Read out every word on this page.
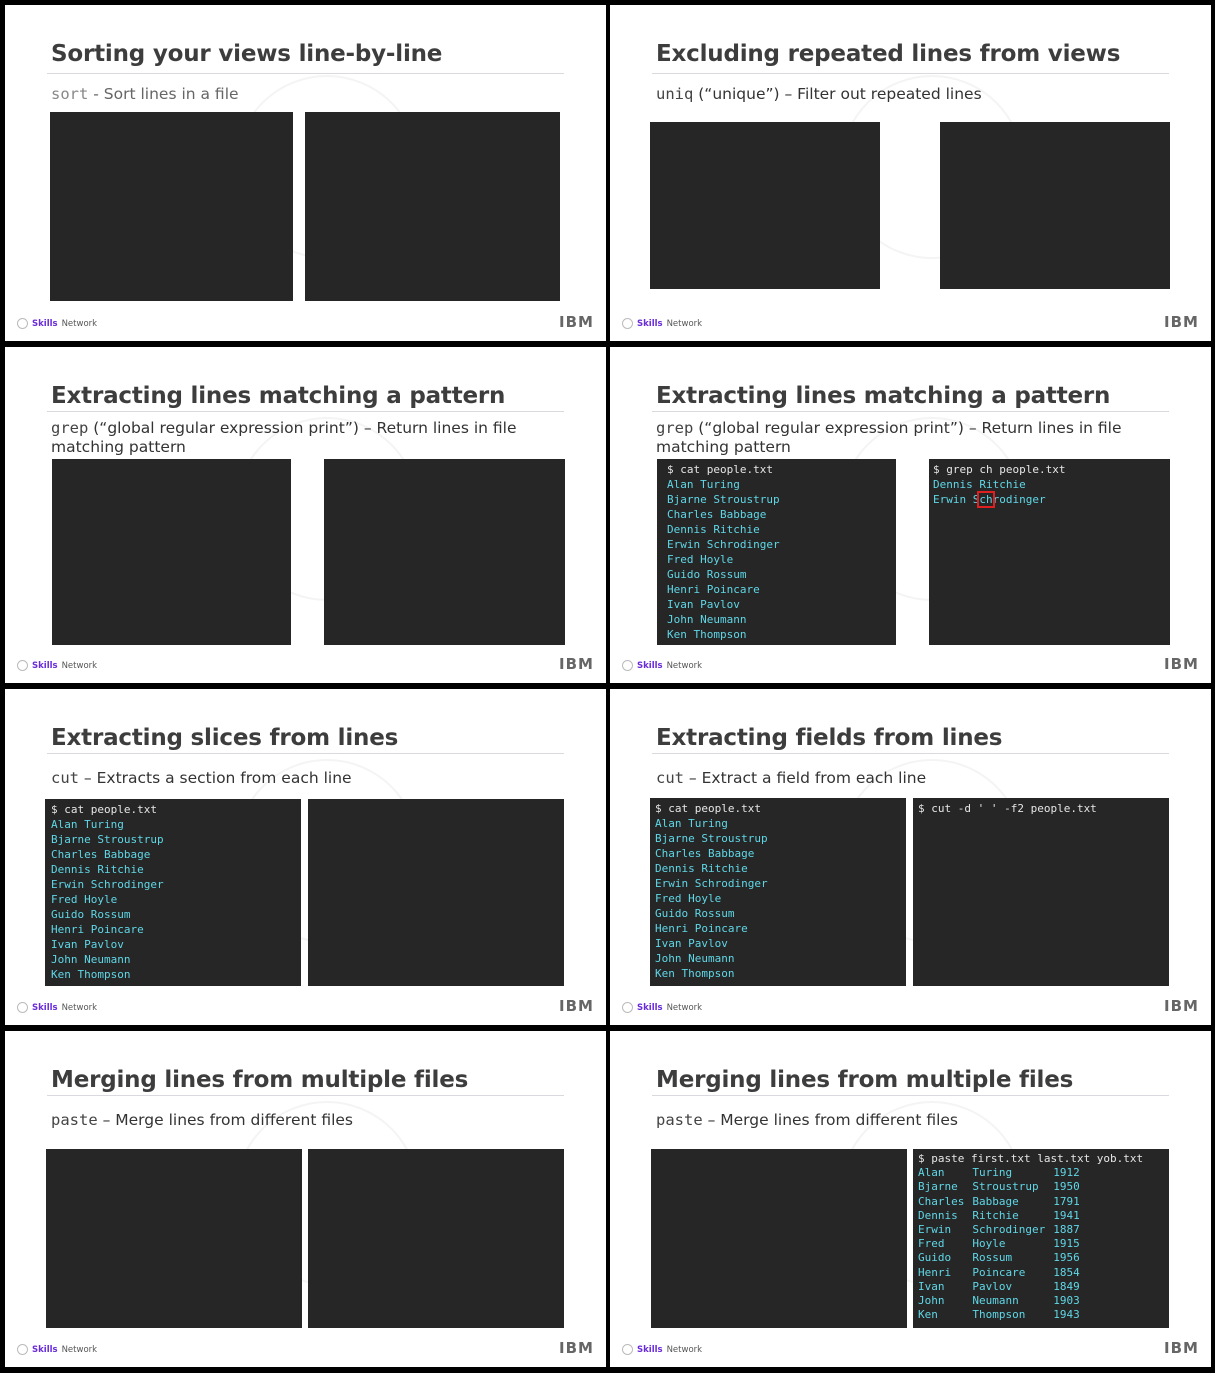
Sorting your views line-by-line
sort - Sort lines in a file
Skills Network	IBM
Excluding repeated lines from views
uniq (“unique”) – Filter out repeated lines
Skills Network	IBM
Extracting lines matching a pattern
grep (“global regular expression print”) – Return lines in file matching pattern
Skills Network	IBM
Extracting lines matching a pattern
grep (“global regular expression print”) – Return lines in file matching pattern
$ cat people.txt
Alan Turing
Bjarne Stroustrup
Charles Babbage
Dennis Ritchie
Erwin Schrodinger
Fred Hoyle
Guido Rossum
Henri Poincare
Ivan Pavlov
John Neumann
Ken Thompson
$ grep ch people.txt
Dennis Ritchie
Erwin Schrodinger
Skills Network	IBM
Extracting slices from lines
cut – Extracts a section from each line
$ cat people.txt
Alan Turing
Bjarne Stroustrup
Charles Babbage
Dennis Ritchie
Erwin Schrodinger
Fred Hoyle
Guido Rossum
Henri Poincare
Ivan Pavlov
John Neumann
Ken Thompson
Skills Network	IBM
Extracting fields from lines
cut – Extract a field from each line
$ cat people.txt
Alan Turing
Bjarne Stroustrup
Charles Babbage
Dennis Ritchie
Erwin Schrodinger
Fred Hoyle
Guido Rossum
Henri Poincare
Ivan Pavlov
John Neumann
Ken Thompson
$ cut -d ' ' -f2 people.txt
Skills Network	IBM
Merging lines from multiple files
paste – Merge lines from different files
Skills Network	IBM
Merging lines from multiple files
paste – Merge lines from different files
$ paste first.txt last.txt yob.txt
Alan	Turing	1912
Bjarne	Stroustrup	1950
Charles	Babbage	1791
Dennis	Ritchie	1941
Erwin	Schrodinger	1887
Fred	Hoyle	1915
Guido	Rossum	1956
Henri	Poincare	1854
Ivan	Pavlov	1849
John	Neumann	1903
Ken	Thompson	1943
Skills Network	IBM
